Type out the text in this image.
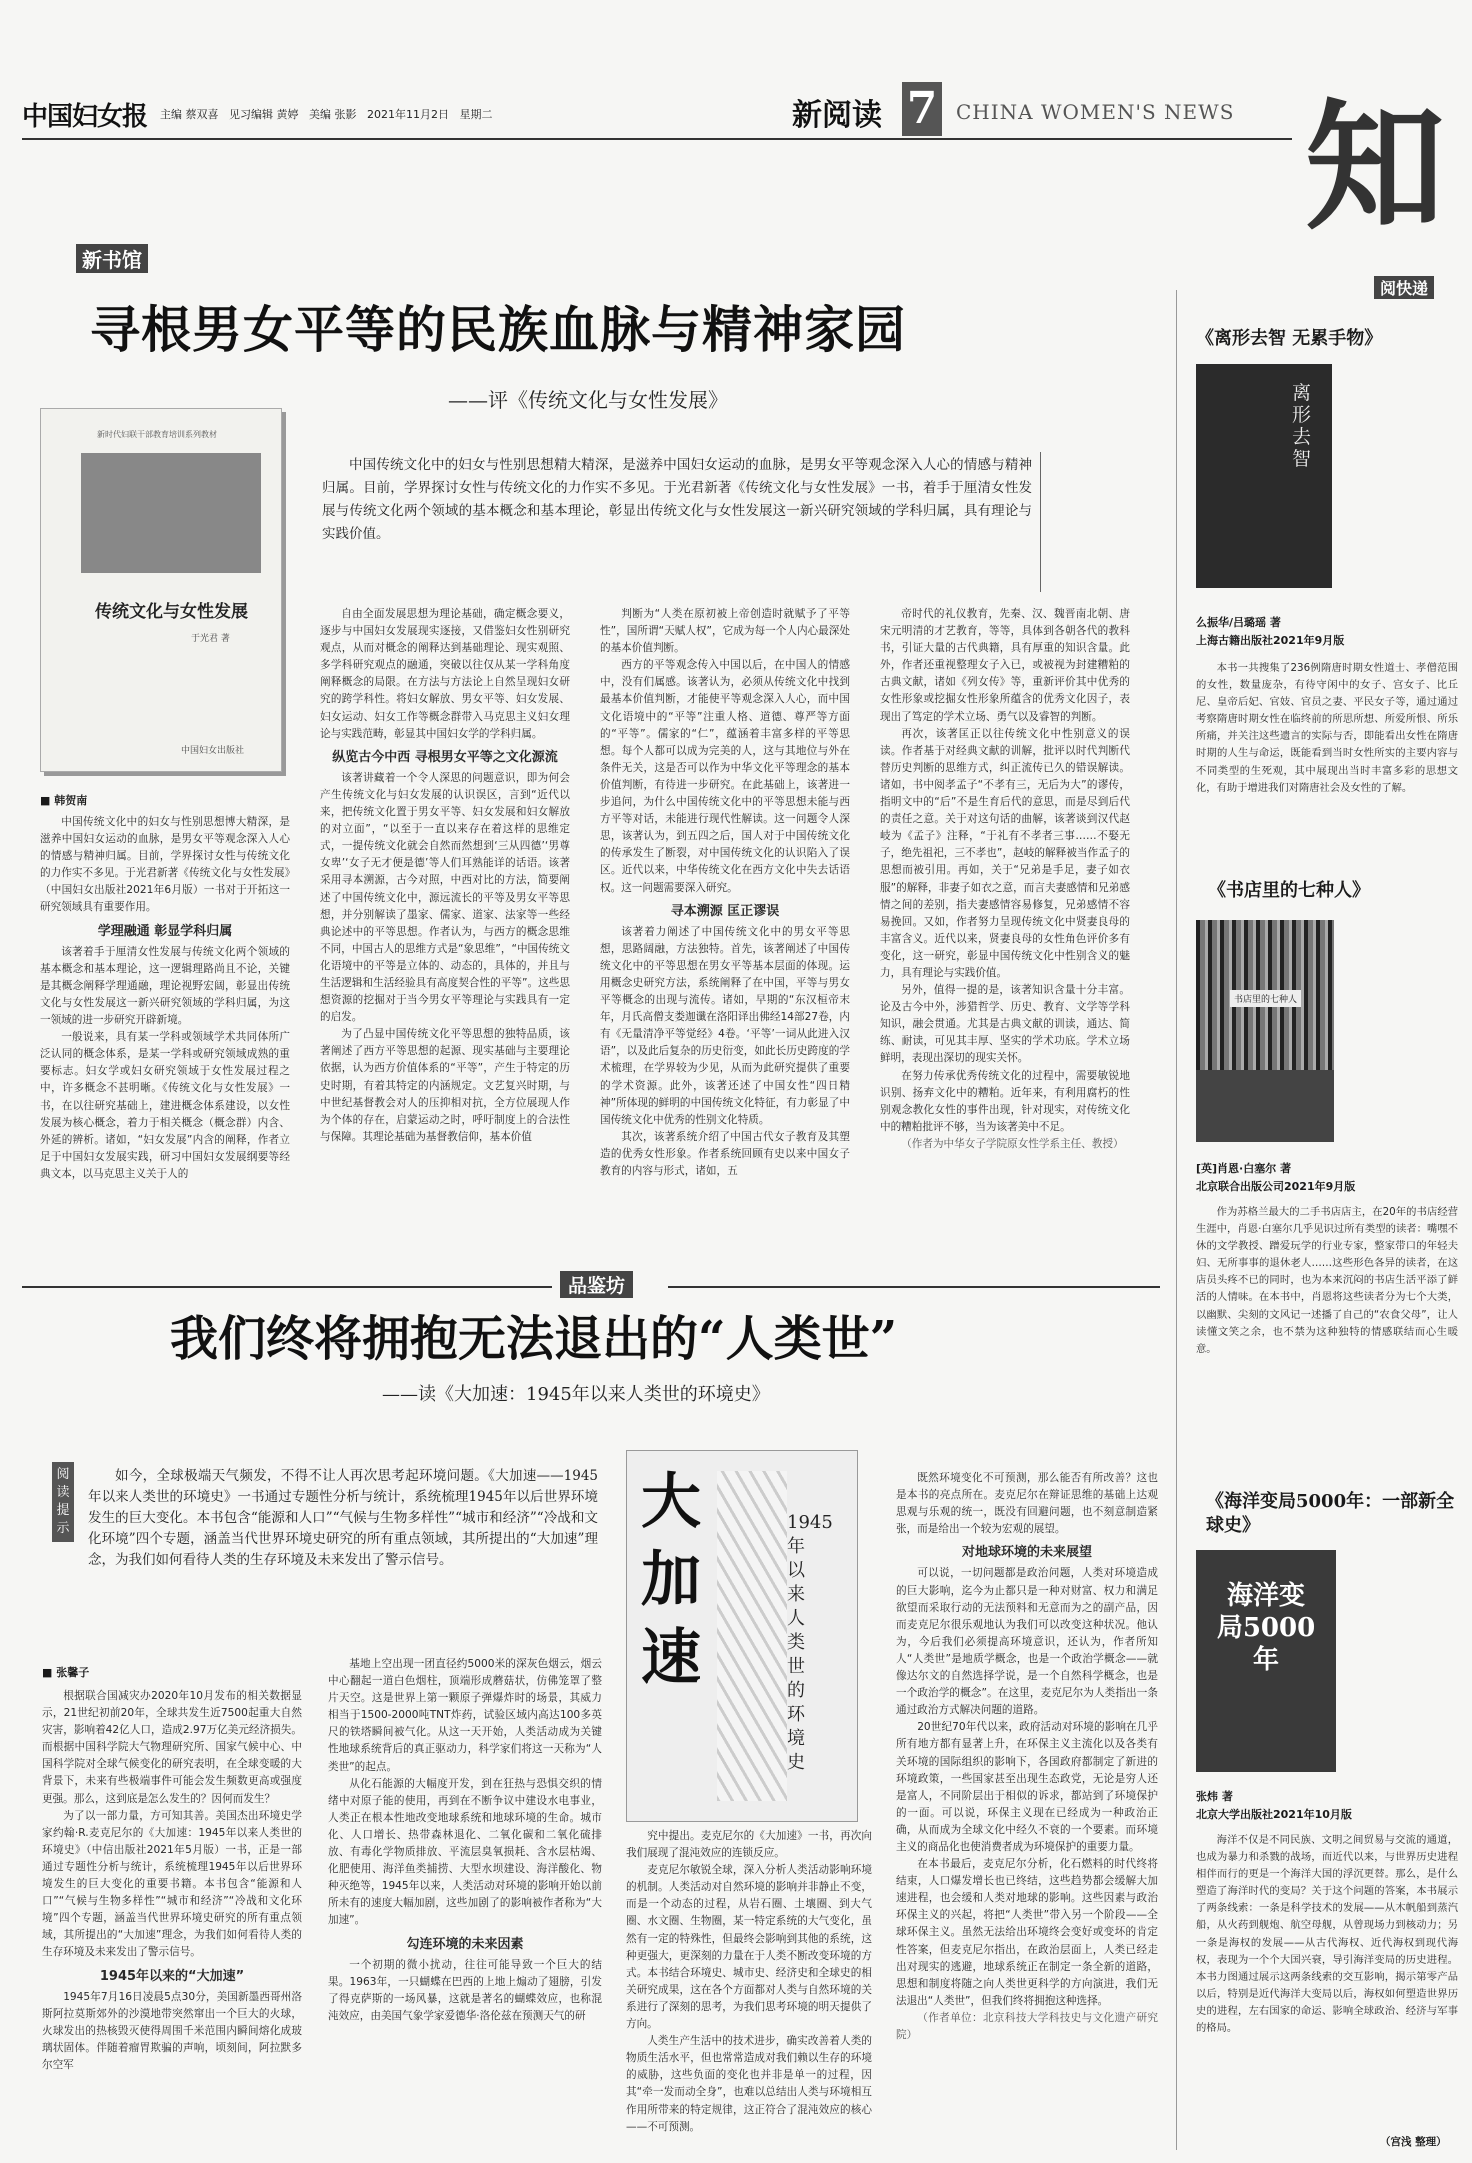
中国妇女报 主编 蔡双喜 见习编辑 黄婷 美编 张影 2021年11月2日 星期二	新阅读 7 CHINA WOMEN'S NEWS 知
新书馆
寻根男女平等的民族血脉与精神家园
——评《传统文化与女性发展》
新时代妇联干部教育培训系列教材
传统文化与女性发展
于光君 著
中国妇女出版社
中国传统文化中的妇女与性别思想精大精深，是滋养中国妇女运动的血脉，是男女平等观念深入人心的情感与精神归属。目前，学界探讨女性与传统文化的力作实不多见。于光君新著《传统文化与女性发展》一书，着手于厘清女性发展与传统文化两个领域的基本概念和基本理论，彰显出传统文化与女性发展这一新兴研究领域的学科归属，具有理论与实践价值。
■ 韩贺南

中国传统文化中的妇女与性别思想博大精深，是滋养中国妇女运动的血脉，是男女平等观念深入人心的情感与精神归属。目前，学界探讨女性与传统文化的力作实不多见。于光君新著《传统文化与女性发展》（中国妇女出版社2021年6月版）一书对于开拓这一研究领域具有重要作用。

学理融通 彰显学科归属

该著着手于厘清女性发展与传统文化两个领域的基本概念和基本理论，这一逻辑理路尚且不论，关键是其概念阐释学理通融，理论视野宏阔，彰显出传统文化与女性发展这一新兴研究领域的学科归属，为这一领域的进一步研究开辟新境。

一般说来，具有某一学科或领域学术共同体所广泛认同的概念体系，是某一学科或研究领域成熟的重要标志。妇女学或妇女研究领域于女性发展过程之中，许多概念不甚明晰。《传统文化与女性发展》一书，在以往研究基础上，建进概念体系建设，以女性发展为核心概念，着力于相关概念（概念群）内含、外延的辨析。诸如，“妇女发展”内含的阐释，作者立足于中国妇女发展实践，研习中国妇女发展纲要等经典文本，以马克思主义关于人的

自由全面发展思想为理论基础，确定概念要义，逐步与中国妇女发展现实逐接，又借鉴妇女性别研究观点，从而对概念的阐释达到基础理论、现实观照、多学科研究观点的融通，突破以往仅从某一学科角度阐释概念的局限。在方法与方法论上自然呈现妇女研究的跨学科性。将妇女解放、男女平等、妇女发展、妇女运动、妇女工作等概念群带入马克思主义妇女理论与实践范畴，彰显其中国妇女学的学科归属。

纵览古今中西 寻根男女平等之文化源流

该著讲藏着一个令人深思的问题意识，即为何会产生传统文化与妇女发展的认识误区，言到“近代以来，把传统文化置于男女平等、妇女发展和妇女解放的对立面”，“以至于一直以来存在着这样的思维定式，一提传统文化就会自然而然想到‘三从四德’‘男尊女卑’‘女子无才便是德’等人们耳熟能详的话语。该著采用寻本溯源，古今对照，中西对比的方法，简要阐述了中国传统文化中，源远流长的平等及男女平等思想，并分别解读了墨家、儒家、道家、法家等一些经典论述中的平等思想。作者认为，与西方的概念思维不同，中国古人的思维方式是“象思维”，“中国传统文化语境中的平等是立体的、动态的，具体的，并且与生活逻辑和生活经验具有高度契合性的平等”。这些思想资源的挖掘对于当今男女平等理论与实践具有一定的启发。

为了凸显中国传统文化平等思想的独特品质，该著阐述了西方平等思想的起源、现实基础与主要理论依据，认为西方价值体系的“平等”，产生于特定的历史时期，有着其特定的内涵规定。文艺复兴时期，与中世纪基督教会对人的压抑相对抗，全方位展现人作为个体的存在，启蒙运动之时，呼吁制度上的合法性与保障。其理论基础为基督教信仰，基本价值

判断为“人类在原初被上帝创造时就赋予了平等性”，国所谓“天赋人权”，它成为每一个人内心最深处的基本价值判断。

西方的平等观念传入中国以后，在中国人的情感中，没有们属感。该著认为，必须从传统文化中找到最基本价值判断，才能使平等观念深入人心，而中国文化语境中的“平等”注重人格、道德、尊严等方面的“平等”。儒家的“仁”，蕴涵着丰富多样的平等思想。每个人都可以成为完美的人，这与其地位与外在条件无关，这是否可以作为中华文化平等理念的基本价值判断，有待进一步研究。在此基础上，该著进一步追问，为什么中国传统文化中的平等思想未能与西方平等对话，未能进行现代性解读。这一问题令人深思，该著认为，到五四之后，国人对于中国传统文化的传承发生了断裂，对中国传统文化的认识陷入了误区。近代以来，中华传统文化在西方文化中失去话语权。这一问题需要深入研究。

寻本溯源 匡正谬误

该著着力阐述了中国传统文化中的男女平等思想，思路阔融，方法独特。首先，该著阐述了中国传统文化中的平等思想在男女平等基本层面的体现。运用概念史研究方法，系统阐释了在中国，平等与男女平等概念的出现与流传。诸如，早期的“东汉桓帝末年，月氏高僧支娄迦谶在洛阳译出佛经14部27卷，内有《无量清净平等觉经》4卷。‘平等’一词从此进入汉语”，以及此后复杂的历史衍变，如此长历史跨度的学术梳理，在学界较为少见，从而为此研究提供了重要的学术资源。此外，该著还述了中国女性“四日精神”所体现的鲜明的中国传统文化特征，有力彰显了中国传统文化中优秀的性别文化特质。

其次，该著系统介绍了中国古代女子教育及其塑造的优秀女性形象。作者系统回顾有史以来中国女子教育的内容与形式，诸如，五

帝时代的礼仪教育，先秦、汉、魏晋南北朝、唐宋元明清的才艺教育，等等，具体到各朝各代的教科书，引证大量的古代典籍，具有厚重的知识含量。此外，作者还重视整理女子入已，或被视为封建糟粕的古典文献，诸如《列女传》等，重新评价其中优秀的女性形象或挖掘女性形象所蕴含的优秀文化因子，表现出了笃定的学术立场、勇气以及睿智的判断。

再次，该著匡正以往传统文化中性别意义的误读。作者基于对经典文献的训解，批评以时代判断代替历史判断的思维方式，纠正流传已久的错误解读。诸如，书中阅孝孟子“不孝有三，无后为大”的谬传，指明文中的“后”不是生育后代的意思，而是尽到后代的责任之意。关于对这句话的曲解，该著谈到汉代赵岐为《孟子》注释，“于礼有不孝者三事……不娶无子，绝先祖祀，三不孝也”，赵岐的解释被当作孟子的思想而被引用。再如，关于“兄弟是手足，妻子如衣服”的解释，非妻子如衣之意，而言夫妻感情和兄弟感情之间的差别，指夫妻感情容易修复，兄弟感情不容易挽回。又如，作者努力呈现传统文化中贤妻良母的丰富含义。近代以来，贤妻良母的女性角色评价多有变化，这一研究，彰显中国传统文化中性别含义的魅力，具有理论与实践价值。

另外，值得一提的是，该著知识含量十分丰富。论及古今中外，涉猎哲学、历史、教育、文学等学科知识，融会贯通。尤其是古典文献的训读，通达、简练、耐读，可见其丰厚、坚实的学术功底。学术立场鲜明，表现出深切的现实关怀。

在努力传承优秀传统文化的过程中，需要敏锐地识别、扬弃文化中的糟粕。近年来，有利用腐朽的性别观念教化女性的事件出现，针对现实，对传统文化中的糟粕批评不够，当为该著美中不足。

（作者为中华女子学院原女性学系主任、教授）

品鉴坊
我们终将拥抱无法退出的“人类世”
——读《大加速：1945年以来人类世的环境史》
阅读提示
如今，全球极端天气频发，不得不让人再次思考起环境问题。《大加速——1945年以来人类世的环境史》一书通过专题性分析与统计，系统梳理1945年以后世界环境发生的巨大变化。本书包含“能源和人口”“气候与生物多样性”“城市和经济”“冷战和文化环境”四个专题，涵盖当代世界环境史研究的所有重点领域，其所提出的“大加速”理念，为我们如何看待人类的生存环境及未来发出了警示信号。
大加速
1945年以来人类世的环境史
■ 张馨子

根据联合国减灾办2020年10月发布的相关数据显示，21世纪初前20年，全球共发生近7500起重大自然灾害，影响着42亿人口，造成2.97万亿美元经济损失。而根据中国科学院大气物理研究所、国家气候中心、中国科学院对全球气候变化的研究表明，在全球变暖的大背景下，未来有些极端事件可能会发生频数更高或强度更强。那么，这到底是怎么发生的？因何而发生？

为了以一部力量，方可知其善。美国杰出环境史学家约翰·R.麦克尼尔的《大加速：1945年以来人类世的环境史》（中信出版社2021年5月版）一书，正是一部通过专题性分析与统计，系统梳理1945年以后世界环境发生的巨大变化的重要书籍。本书包含“能源和人口”“气候与生物多样性”“城市和经济”“冷战和文化环境”四个专题，涵盖当代世界环境史研究的所有重点领域，其所提出的“大加速”理念，为我们如何看待人类的生存环境及未来发出了警示信号。

1945年以来的“大加速”

1945年7月16日凌晨5点30分，美国新墨西哥州洛斯阿拉莫斯郊外的沙漠地带突然窜出一个巨大的火球，火球发出的热核毁灭使得周围千米范围内瞬间熔化成玻璃状固体。伴随着瘤胃欺骗的声响，顷刻间，阿拉默多尔空军

基地上空出现一团直径约5000米的深灰色烟云，烟云中心翻起一道白色烟柱，顶端形成蘑菇状，仿佛笼罩了整片天空。这是世界上第一颗原子弹爆炸时的场景，其威力相当于1500-2000吨TNT炸药，试验区域内高达100多英尺的铁塔瞬间被气化。从这一天开始，人类活动成为关键性地球系统背后的真正驱动力，科学家们将这一天称为“人类世”的起点。

从化石能源的大幅度开发，到在狂热与恐惧交织的情绪中对原子能的使用，再到在不断争议中建设水电事业，人类正在根本性地改变地球系统和地球环境的生命。城市化、人口增长、热带森林退化、二氧化碳和二氧化硫排放、有毒化学物质排放、平流层臭氧损耗、含水层枯竭、化肥使用、海洋鱼类捕捞、大型水坝建设、海洋酸化、物种灭绝等，1945年以来，人类活动对环境的影响开始以前所未有的速度大幅加剧，这些加剧了的影响被作者称为“大加速”。

勾连环境的未来因素

一个初期的微小扰动，往往可能导致一个巨大的结果。1963年，一只蝴蝶在巴西的上地上煽动了翅膀，引发了得克萨斯的一场风暴，这就是著名的蝴蝶效应，也称混沌效应，由美国气象学家爱德华·洛伦兹在预测天气的研

究中提出。麦克尼尔的《大加速》一书，再次向我们展现了混沌效应的连锁反应。

麦克尼尔敏锐全球，深入分析人类活动影响环境的机制。人类活动对自然环境的影响并非静止不变，而是一个动态的过程，从岩石圈、土壤圈、到大气圈、水文圈、生物圈，某一特定系统的大气变化，虽然有一定的特殊性，但最终会影响到其他的系统，这种更强大，更深刻的力量在于人类不断改变环境的方式。本书结合环境史、城市史、经济史和全球史的相关研究成果，这在各个方面都对人类与自然环境的关系进行了深刻的思考，为我们思考环境的明天提供了方向。

人类生产生活中的技术进步，确实改善着人类的物质生活水平，但也常常造成对我们赖以生存的环境的威胁，这些负面的变化也并非是单一的过程，因其“牵一发而动全身”，也难以总结出人类与环境相互作用所带来的特定规律，这正符合了混沌效应的核心——不可预测。

既然环境变化不可预测，那么能否有所改善？这也是本书的亮点所在。麦克尼尔在辩证思维的基础上达观思观与乐观的统一，既没有回避问题，也不刻意制造紧张，而是给出一个较为宏观的展望。

对地球环境的未来展望

可以说，一切问题都是政治问题，人类对环境造成的巨大影响，迄今为止都只是一种对财富、权力和满足欲望而采取行动的无法预料和无意而为之的副产品，因而麦克尼尔很乐观地认为我们可以改变这种状况。他认为，今后我们必须提高环境意识，还认为，作者所知人“人类世”是地质学概念，也是一个政治学概念——就像达尔文的自然选择学说，是一个自然科学概念，也是一个政治学的概念”。在这里，麦克尼尔为人类指出一条通过政治方式解决问题的道路。

20世纪70年代以来，政府活动对环境的影响在几乎所有地方都有显著上升，在环保主义主流化以及各类有关环境的国际组织的影响下，各国政府都制定了新进的环境政策，一些国家甚至出现生态政党，无论是穷人还是富人，不同阶层出于相似的诉求，都站到了环境保护的一面。可以说，环保主义现在已经成为一种政治正确，从而成为全球文化中经久不衰的一个要素。而环境主义的商品化也使消费者成为环境保护的重要力量。

在本书最后，麦克尼尔分析，化石燃料的时代终将结束，人口爆发增长也已终结，这些趋势都会缓解大加速进程，也会缓和人类对地球的影响。这些因素与政治环保主义的兴起，将把“人类世”带入另一个阶段——全球环保主义。虽然无法给出环境终会变好或变坏的肯定性答案，但麦克尼尔指出，在政治层面上，人类已经走出对现实的逃避，地球系统正在制定一条全新的道路，思想和制度将随之向人类世更科学的方向演进，我们无法退出“人类世”，但我们终将拥抱这种选择。

（作者单位：北京科技大学科技史与文化遗产研究院）

阅快递
《离形去智 无累手物》
离形去智
么振华/吕璐瑶 著
上海古籍出版社2021年9月版
本书一共搜集了236例隋唐时期女性道士、孝僧范围的女性，数量庞杂，有待守闲中的女子、宫女子、比丘尼、皇帝后妃、官妓、官员之妻、平民女子等，通过通过考察隋唐时期女性在临终前的所思所想、所爱所恨、所乐所痛，并关注这些遗言的实际与否，即能看出女性在隋唐时期的人生与命运，既能看到当时女性所实的主要内容与不同类型的生死观，其中展现出当时丰富多彩的思想文化，有助于增进我们对隋唐社会及女性的了解。
《书店里的七种人》
书店里的七种人
[英]肖恩·白塞尔 著
北京联合出版公司2021年9月版
作为苏格兰最大的二手书店店主，在20年的书店经营生涯中，肖恩·白塞尔几乎见识过所有类型的读者：嘴嘿不休的文学教授、蹭爱玩学的行业专家，整家带口的年轻夫妇、无所事事的退休老人……这些形色各异的读者，在这店员头疼不已的同时，也为本来沉闷的书店生活平添了鲜活的人情味。在本书中，肖恩将这些读者分为七个大类，以幽默、尖刻的文风记一述播了自己的“农食父母”，让人读懂文笑之余，也不禁为这种独特的情感联结而心生暖意。
《海洋变局5000年：一部新全球史》
海洋变局5000年
张炜 著
北京大学出版社2021年10月版
海洋不仅是不同民族、文明之间贸易与交流的通道，也成为暴力和杀戮的战场，而近代以来，与世界历史进程相伴而行的更是一个海洋大国的浮沉更替。那么，是什么塑造了海洋时代的变局？关于这个问题的答案，本书展示了两条线索：一条是科学技术的发展——从木帆船到蒸汽船，从火药到舰炮、航空母舰，从曾现场力到核动力；另一条是海权的发展——从古代海权、近代海权到现代海权，表现为一个个大国兴衰，导引海洋变局的历史进程。本书力图通过展示这两条线索的交互影响，揭示第零产品以后，特别是近代海洋大变局以后，海权如何塑造世界历史的进程，左右国家的命运、影响全球政治、经济与军事的格局。
（宫浅 整理）
